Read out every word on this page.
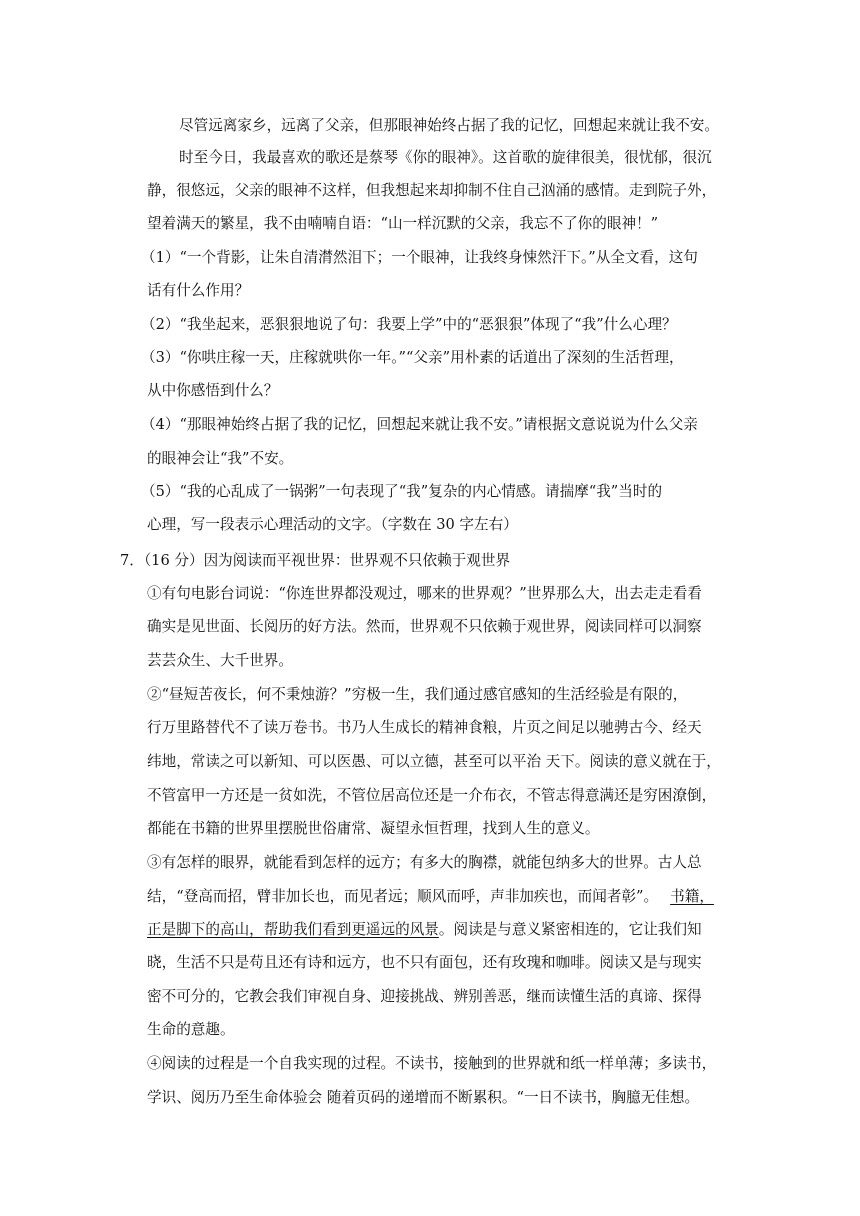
尽管远离家乡，远离了父亲，但那眼神始终占据了我的记忆，回想起来就让我不安。
时至今日，我最喜欢的歌还是蔡琴《你的眼神》。这首歌的旋律很美，很忧郁，很沉
静，很悠远，父亲的眼神不这样，但我想起来却抑制不住自己汹涌的感情。走到院子外，
望着满天的繁星，我不由喃喃自语：“山一样沉默的父亲，我忘不了你的眼神！”
（1）“一个背影，让朱自清潸然泪下；一个眼神，让我终身悚然汗下。”从全文看，这句
话有什么作用？
（2）“我坐起来，恶狠狠地说了句：我要上学”中的“恶狠狠”体现了“我”什么心理？
（3）“你哄庄稼一天，庄稼就哄你一年。”“父亲”用朴素的话道出了深刻的生活哲理，
从中你感悟到什么？
（4）“那眼神始终占据了我的记忆，回想起来就让我不安。”请根据文意说说为什么父亲
的眼神会让“我”不安。
（5）“我的心乱成了一锅粥”一句表现了“我”复杂的内心情感。请揣摩“我”当时的
心理，写一段表示心理活动的文字。（字数在 30 字左右）
7．（16 分）因为阅读而平视世界：世界观不只依赖于观世界
①有句电影台词说：“你连世界都没观过，哪来的世界观？”世界那么大，出去走走看看
确实是见世面、长阅历的好方法。然而，世界观不只依赖于观世界，阅读同样可以洞察
芸芸众生、大千世界。
②“昼短苦夜长，何不秉烛游？”穷极一生，我们通过感官感知的生活经验是有限的，
行万里路替代不了读万卷书。书乃人生成长的精神食粮，片页之间足以驰骋古今、经天
纬地，常读之可以新知、可以医愚、可以立德，甚至可以平治 天下。阅读的意义就在于，
不管富甲一方还是一贫如洗，不管位居高位还是一介布衣，不管志得意满还是穷困潦倒，
都能在书籍的世界里摆脱世俗庸常、凝望永恒哲理，找到人生的意义。
③有怎样的眼界，就能看到怎样的远方；有多大的胸襟，就能包纳多大的世界。古人总
结，“登高而招，臂非加长也，而见者远；顺风而呼，声非加疾也，而闻者彰”。 书籍，
正是脚下的高山，帮助我们看到更遥远的风景。阅读是与意义紧密相连的，它让我们知
晓，生活不只是苟且还有诗和远方，也不只有面包，还有玫瑰和咖啡。阅读又是与现实
密不可分的，它教会我们审视自身、迎接挑战、辨别善恶，继而读懂生活的真谛、探得
生命的意趣。
④阅读的过程是一个自我实现的过程。不读书，接触到的世界就和纸一样单薄；多读书，
学识、阅历乃至生命体验会 随着页码的递增而不断累积。“一日不读书，胸臆无佳想。
